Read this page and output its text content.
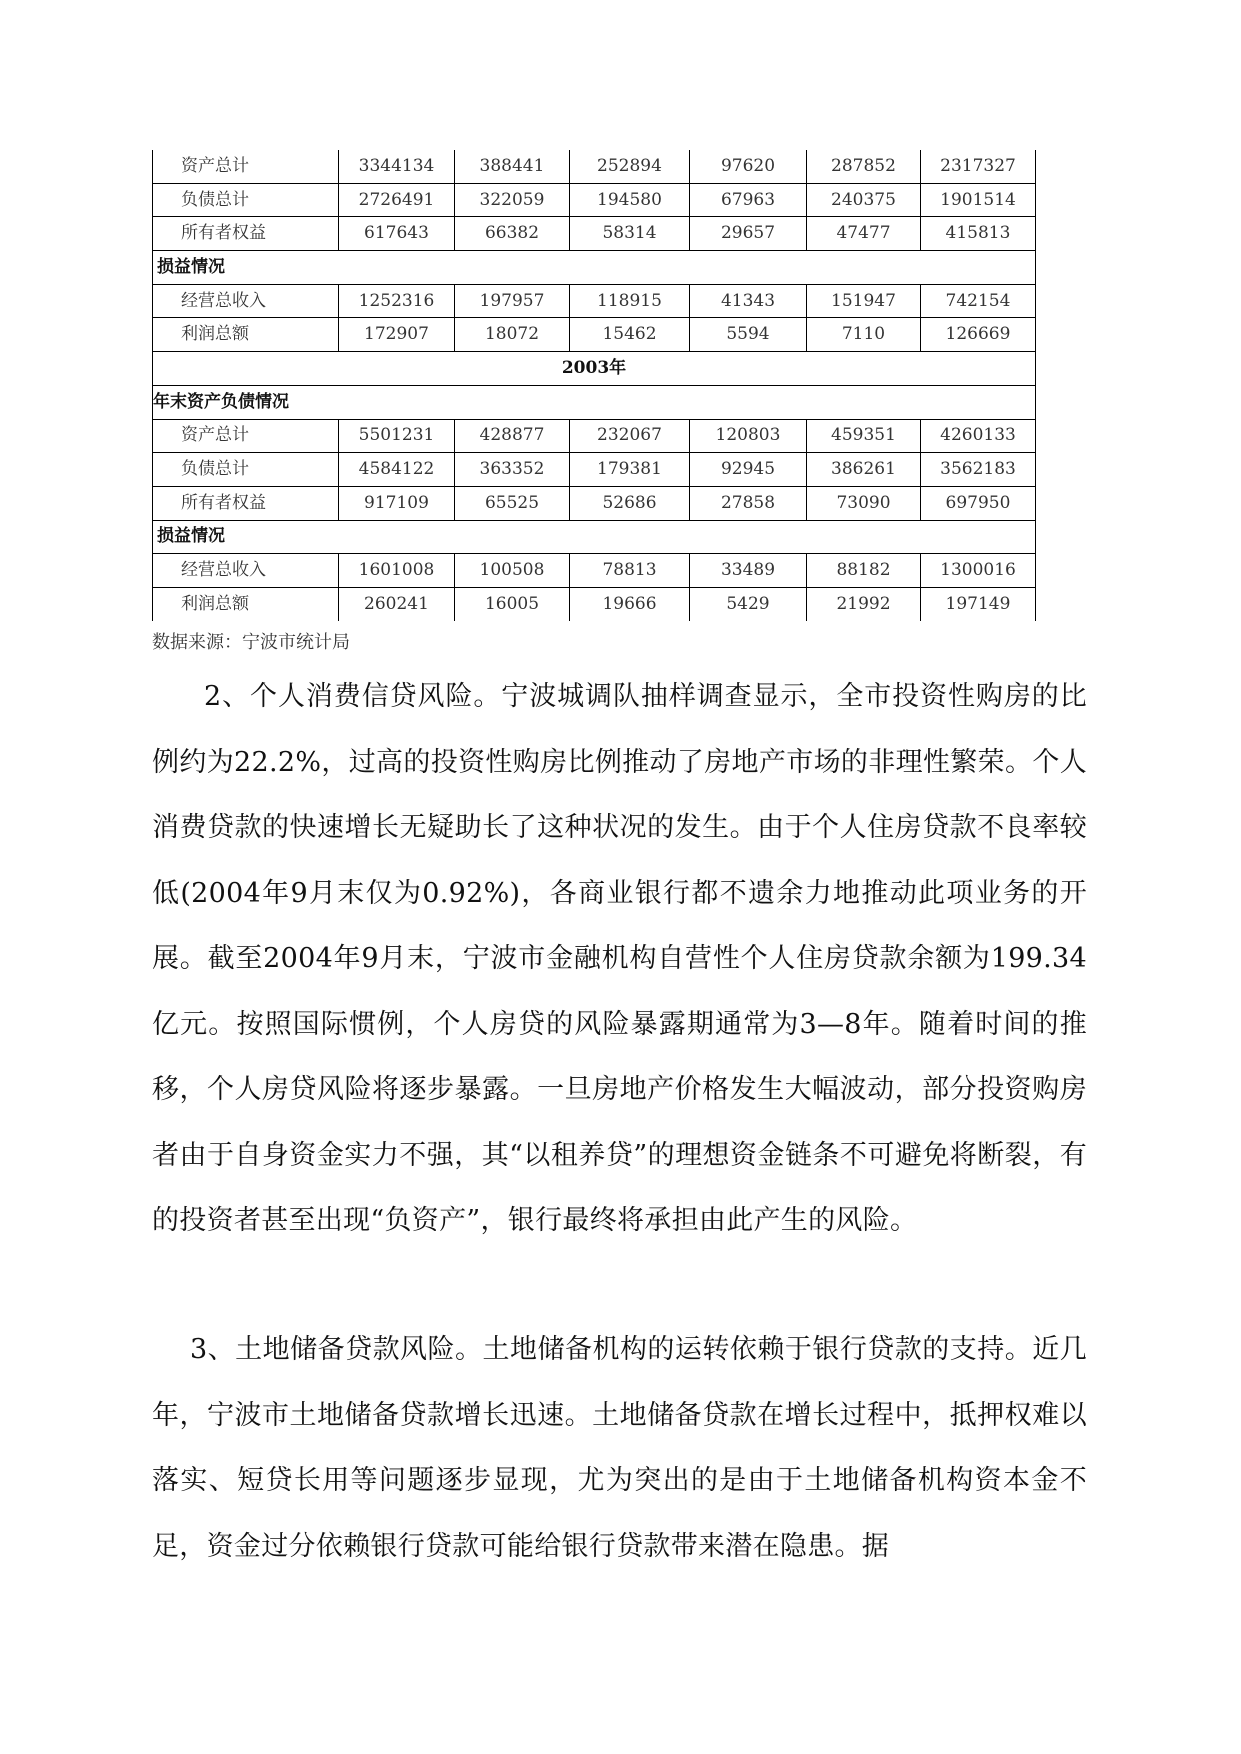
资产总计	3344134	388441	252894	97620	287852	2317327
负债总计	2726491	322059	194580	67963	240375	1901514
所有者权益	617643	66382	58314	29657	47477	415813
损益情况						
经营总收入	1252316	197957	118915	41343	151947	742154
利润总额	172907	18072	15462	5594	7110	126669
2003年						
年末资产负债情况						
资产总计	5501231	428877	232067	120803	459351	4260133
负债总计	4584122	363352	179381	92945	386261	3562183
所有者权益	917109	65525	52686	27858	73090	697950
损益情况						
经营总收入	1601008	100508	78813	33489	88182	1300016
利润总额	260241	16005	19666	5429	21992	197149

数据来源：宁波市统计局

2、个人消费信贷风险。宁波城调队抽样调查显示，全市投资性购房的比例约为22.2%，过高的投资性购房比例推动了房地产市场的非理性繁荣。个人消费贷款的快速增长无疑助长了这种状况的发生。由于个人住房贷款不良率较低(2004年9月末仅为0.92%)，各商业银行都不遗余力地推动此项业务的开展。截至2004年9月末，宁波市金融机构自营性个人住房贷款余额为199.34亿元。按照国际惯例，个人房贷的风险暴露期通常为3—8年。随着时间的推移，个人房贷风险将逐步暴露。一旦房地产价格发生大幅波动，部分投资购房者由于自身资金实力不强，其“以租养贷”的理想资金链条不可避免将断裂，有的投资者甚至出现“负资产”，银行最终将承担由此产生的风险。

3、土地储备贷款风险。土地储备机构的运转依赖于银行贷款的支持。近几年，宁波市土地储备贷款增长迅速。土地储备贷款在增长过程中，抵押权难以落实、短贷长用等问题逐步显现，尤为突出的是由于土地储备机构资本金不足，资金过分依赖银行贷款可能给银行贷款带来潜在隐患。据
